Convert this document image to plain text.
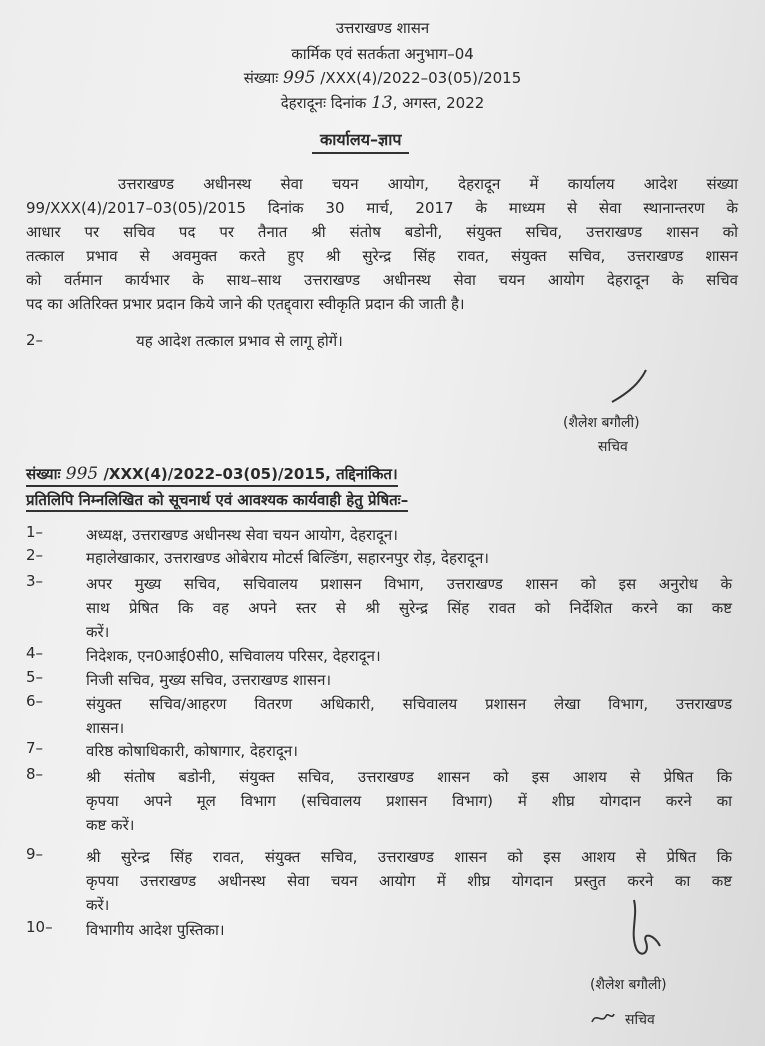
उत्तराखण्ड शासन
कार्मिक एवं सतर्कता अनुभाग–04
संख्याः 995 /XXX(4)/2022–03(05)/2015
देहरादूनः दिनांक 13, अगस्त, 2022
कार्यालय–ज्ञाप
उत्तराखण्ड अधीनस्थ सेवा चयन आयोग, देहरादून में कार्यालय आदेश संख्या
99/XXX(4)/2017–03(05)/2015 दिनांक 30 मार्च, 2017 के माध्यम से सेवा स्थानान्तरण के
आधार पर सचिव पद पर तैनात श्री संतोष बडोनी, संयुक्त सचिव, उत्तराखण्ड शासन को
तत्काल प्रभाव से अवमुक्त करते हुए श्री सुरेन्द्र सिंह रावत, संयुक्त सचिव, उत्तराखण्ड शासन
को वर्तमान कार्यभार के साथ–साथ उत्तराखण्ड अधीनस्थ सेवा चयन आयोग देहरादून के सचिव
पद का अतिरिक्त प्रभार प्रदान किये जाने की एतद्द्वारा स्वीकृति प्रदान की जाती है।
2–	यह आदेश तत्काल प्रभाव से लागू होगें।
(शैलेश बगौली)
सचिव
संख्याः 995 /XXX(4)/2022–03(05)/2015, तद्दिनांकित।
प्रतिलिपि निम्नलिखित को सूचनार्थ एवं आवश्यक कार्यवाही हेतु प्रेषितः–
1–	अध्यक्ष, उत्तराखण्ड अधीनस्थ सेवा चयन आयोग, देहरादून।
2–	महालेखाकार, उत्तराखण्ड ओबेराय मोटर्स बिल्डिंग, सहारनपुर रोड़, देहरादून।
3–	अपर मुख्य सचिव, सचिवालय प्रशासन विभाग, उत्तराखण्ड शासन को इस अनुरोध के
साथ प्रेषित कि वह अपने स्तर से श्री सुरेन्द्र सिंह रावत को निर्देशित करने का कष्ट
करें।
4–	निदेशक, एन0आई0सी0, सचिवालय परिसर, देहरादून।
5–	निजी सचिव, मुख्य सचिव, उत्तराखण्ड शासन।
6–	संयुक्त सचिव/आहरण वितरण अधिकारी, सचिवालय प्रशासन लेखा विभाग, उत्तराखण्ड
शासन।
7–	वरिष्ठ कोषाधिकारी, कोषागार, देहरादून।
8–	श्री संतोष बडोनी, संयुक्त सचिव, उत्तराखण्ड शासन को इस आशय से प्रेषित कि
कृपया अपने मूल विभाग (सचिवालय प्रशासन विभाग) में शीघ्र योगदान करने का
कष्ट करें।
9–	श्री सुरेन्द्र सिंह रावत, संयुक्त सचिव, उत्तराखण्ड शासन को इस आशय से प्रेषित कि
कृपया उत्तराखण्ड अधीनस्थ सेवा चयन आयोग में शीघ्र योगदान प्रस्तुत करने का कष्ट
करें।
10– विभागीय आदेश पुस्तिका।
(शैलेश बगौली)
सचिव
